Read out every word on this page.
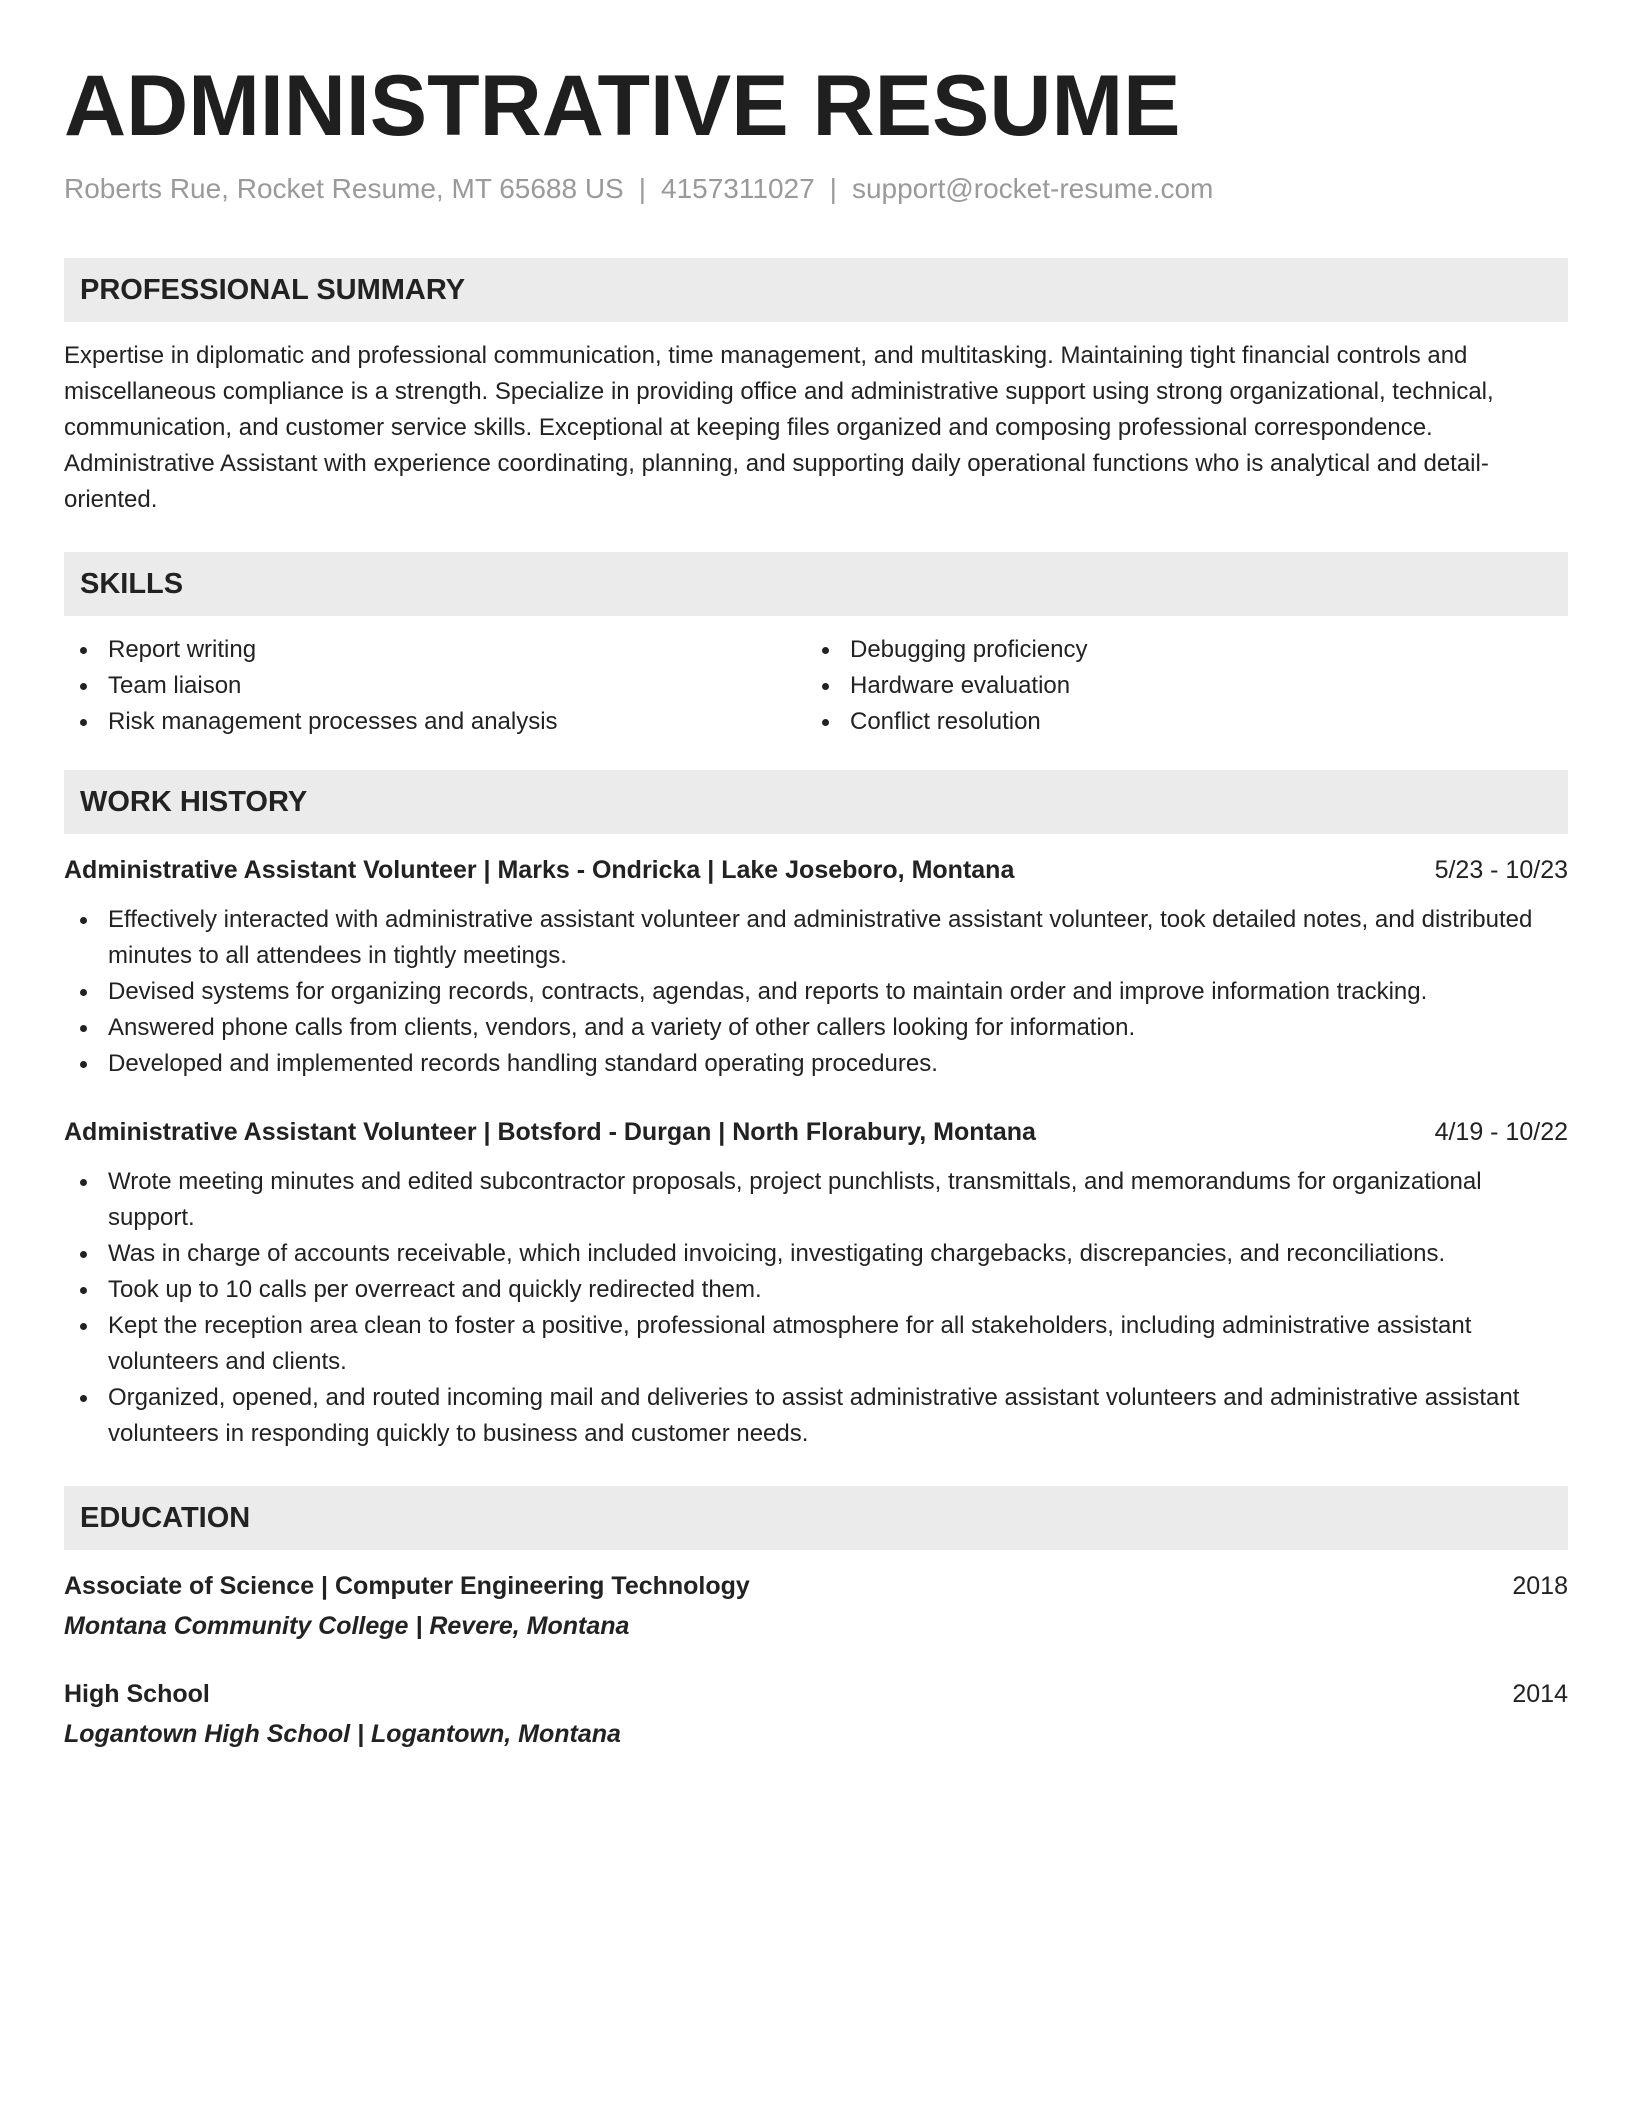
ADMINISTRATIVE RESUME
Roberts Rue, Rocket Resume, MT 65688 US | 4157311027 | support@rocket-resume.com
PROFESSIONAL SUMMARY

Expertise in diplomatic and professional communication, time management, and multitasking. Maintaining tight financial controls and miscellaneous compliance is a strength. Specialize in providing office and administrative support using strong organizational, technical, communication, and customer service skills. Exceptional at keeping files organized and composing professional correspondence. Administrative Assistant with experience coordinating, planning, and supporting daily operational functions who is analytical and detail-oriented.

SKILLS
Report writing
Team liaison
Risk management processes and analysis
Debugging proficiency
Hardware evaluation
Conflict resolution
WORK HISTORY
Administrative Assistant Volunteer | Marks - Ondricka | Lake Joseboro, Montana	5/23 - 10/23
Effectively interacted with administrative assistant volunteer and administrative assistant volunteer, took detailed notes, and distributed minutes to all attendees in tightly meetings.
Devised systems for organizing records, contracts, agendas, and reports to maintain order and improve information tracking.
Answered phone calls from clients, vendors, and a variety of other callers looking for information.
Developed and implemented records handling standard operating procedures.
Administrative Assistant Volunteer | Botsford - Durgan | North Florabury, Montana	4/19 - 10/22
Wrote meeting minutes and edited subcontractor proposals, project punchlists, transmittals, and memorandums for organizational support.
Was in charge of accounts receivable, which included invoicing, investigating chargebacks, discrepancies, and reconciliations.
Took up to 10 calls per overreact and quickly redirected them.
Kept the reception area clean to foster a positive, professional atmosphere for all stakeholders, including administrative assistant volunteers and clients.
Organized, opened, and routed incoming mail and deliveries to assist administrative assistant volunteers and administrative assistant volunteers in responding quickly to business and customer needs.
EDUCATION
Associate of Science | Computer Engineering Technology	2018
Montana Community College | Revere, Montana
High School	2014
Logantown High School | Logantown, Montana
